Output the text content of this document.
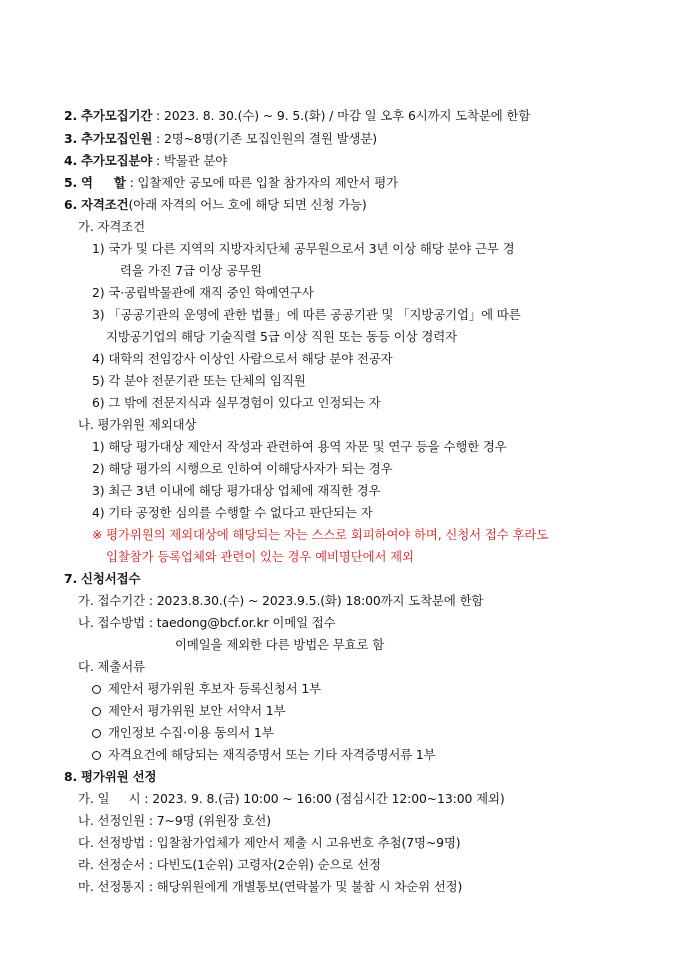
2. 추가모집기간 : 2023. 8. 30.(수) ~ 9. 5.(화) / 마감 일 오후 6시까지 도착분에 한함
3. 추가모집인원 : 2명~8명(기존 모집인원의 결원 발생분)
4. 추가모집분야 : 박물관 분야
5. 역     할 : 입찰제안 공모에 따른 입찰 참가자의 제안서 평가
6. 자격조건(아래 자격의 어느 호에 해당 되면 신청 가능)
가. 자격조건
1) 국가 및 다른 지역의 지방자치단체 공무원으로서 3년 이상 해당 분야 근무 경
력을 가진 7급 이상 공무원
2) 국·공립박물관에 재직 중인 학예연구사
3) 「공공기관의 운영에 관한 법률」에 따른 공공기관 및 「지방공기업」에 따른
지방공기업의 해당 기술직렬 5급 이상 직원 또는 동등 이상 경력자
4) 대학의 전임강사 이상인 사람으로서 해당 분야 전공자
5) 각 분야 전문기관 또는 단체의 임직원
6) 그 밖에 전문지식과 실무경험이 있다고 인정되는 자
나. 평가위원 제외대상
1) 해당 평가대상 제안서 작성과 관련하여 용역 자문 및 연구 등을 수행한 경우
2) 해당 평가의 시행으로 인하여 이해당사자가 되는 경우
3) 최근 3년 이내에 해당 평가대상 업체에 재직한 경우
4) 기타 공정한 심의를 수행할 수 없다고 판단되는 자
※ 평가위원의 제외대상에 해당되는 자는 스스로 회피하여야 하며, 신청서 접수 후라도
입찰참가 등록업체와 관련이 있는 경우 예비명단에서 제외
7. 신청서접수
가. 접수기간 : 2023.8.30.(수) ~ 2023.9.5.(화) 18:00까지 도착분에 한함
나. 접수방법 : taedong@bcf.or.kr 이메일 접수
이메일을 제외한 다른 방법은 무효로 함
다. 제출서류
제안서 평가위원 후보자 등록신청서 1부
제안서 평가위원 보안 서약서 1부
개인정보 수집·이용 동의서 1부
자격요건에 해당되는 재직증명서 또는 기타 자격증명서류 1부
8. 평가위원 선정
가. 일     시 : 2023. 9. 8.(금) 10:00 ~ 16:00 (점심시간 12:00~13:00 제외)
나. 선정인원 : 7~9명 (위원장 호선)
다. 선정방법 : 입찰참가업체가 제안서 제출 시 고유번호 추첨(7명~9명)
라. 선정순서 : 다빈도(1순위) 고령자(2순위) 순으로 선정
마. 선정통지 : 해당위원에게 개별통보(연락불가 및 불참 시 차순위 선정)
